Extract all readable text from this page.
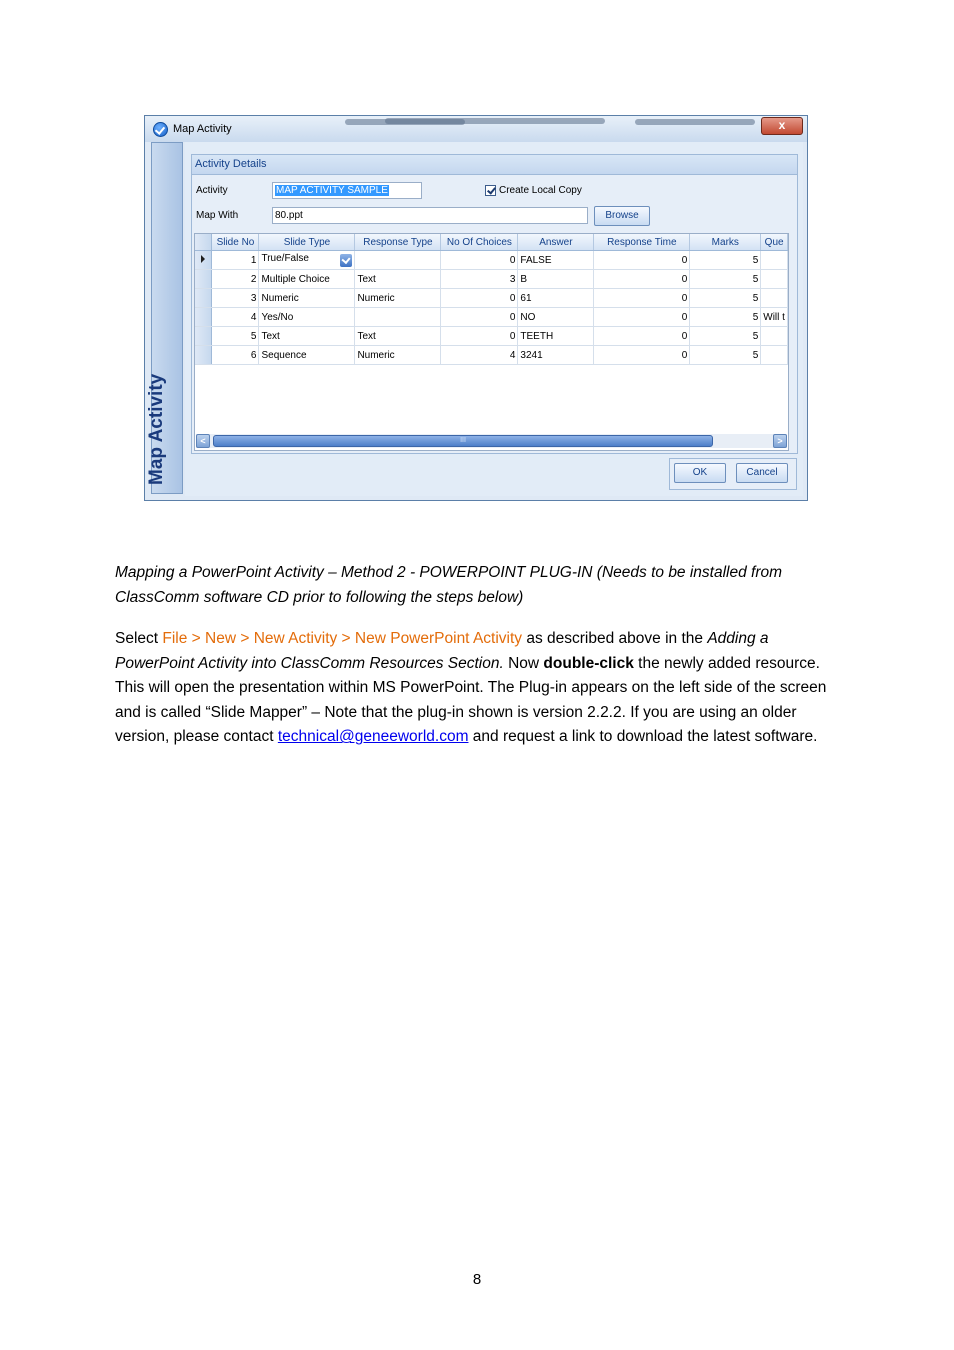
Map Activity	x
Map Activity
Activity Details
Activity	MAP ACTIVITY SAMPLE	Create Local Copy
Map With	80.ppt	Browse
	Slide No	Slide Type	Response Type	No Of Choices	Answer	Response Time	Marks	Que
	1	True/False		0	FALSE	0	5	
	2	Multiple Choice	Text	3	B	0	5	
	3	Numeric	Numeric	0	61	0	5	
	4	Yes/No		0	NO	0	5	Will t
	5	Text	Text	0	TEETH	0	5	
	6	Sequence	Numeric	4	3241	0	5	
<	III	>
OK	Cancel
Mapping a PowerPoint Activity – Method 2 - POWERPOINT PLUG-IN (Needs to be installed from ClassComm software CD prior to following the steps below)
Select File > New > New Activity > New PowerPoint Activity as described above in the Adding a PowerPoint Activity into ClassComm Resources Section. Now double-click the newly added resource. This will open the presentation within MS PowerPoint. The Plug-in appears on the left side of the screen and is called “Slide Mapper” – Note that the plug-in shown is version 2.2.2. If you are using an older version, please contact technical@geneeworld.com and request a link to download the latest software.
8
